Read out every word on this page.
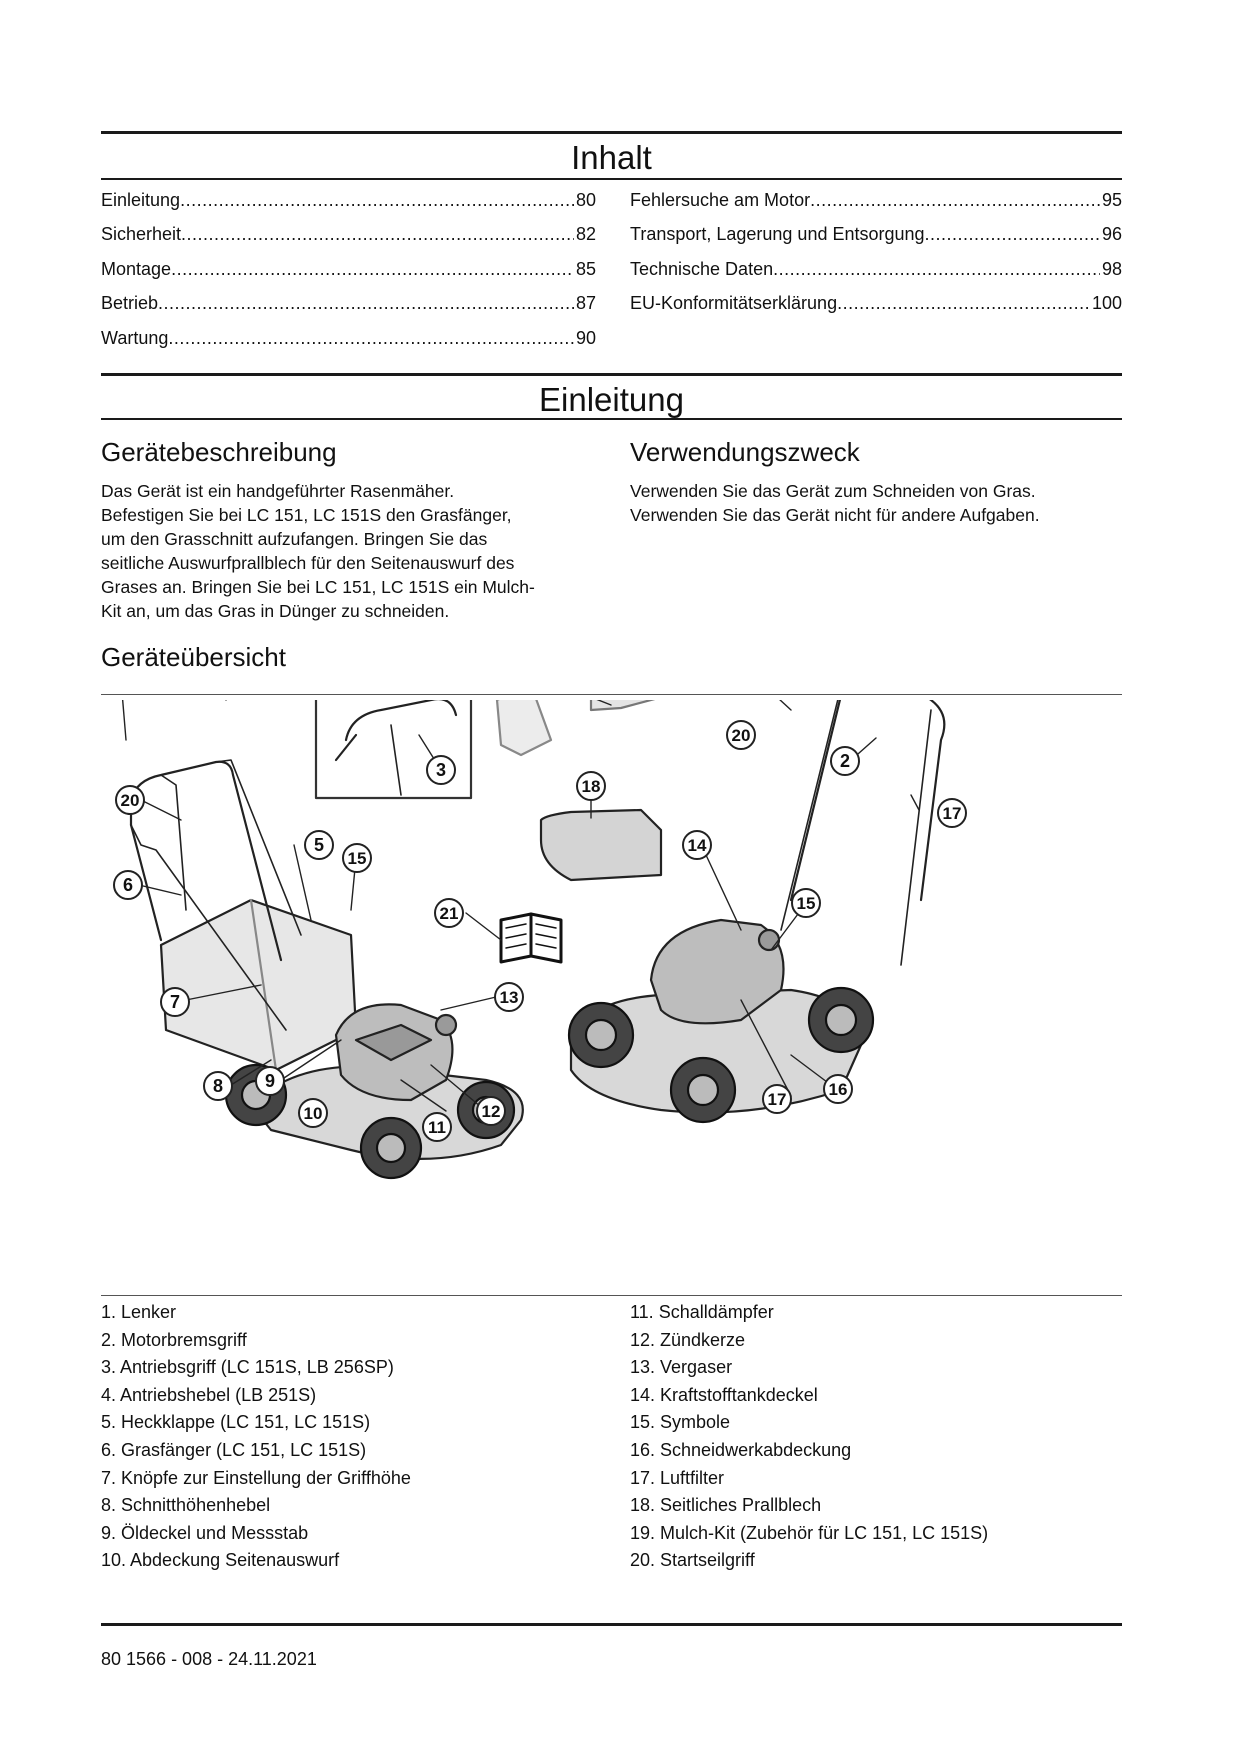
Inhalt
Einleitung .....	80
Sicherheit .....	82
Montage .....	85
Betrieb .....	87
Wartung .....	90
Fehlersuche am Motor .....	95
Transport, Lagerung und Entsorgung .....	96
Technische Daten .....	98
EU-Konformitätserklärung .....	100
Einleitung
Gerätebeschreibung
Das Gerät ist ein handgeführter Rasenmäher.
Befestigen Sie bei LC 151, LC 151S den Grasfänger,
um den Grasschnitt aufzufangen. Bringen Sie das
seitliche Auswurfprallblech für den Seitenauswurf des
Grases an. Bringen Sie bei LC 151, LC 151S ein Mulch-
Kit an, um das Gras in Dünger zu schneiden.
Verwendungszweck
Verwenden Sie das Gerät zum Schneiden von Gras.
Verwenden Sie das Gerät nicht für andere Aufgaben.
Geräteübersicht
3
5
6
7
8 9
10
11
12
13
14
15
15
16
17
17
18
20
20
2
21
1. Lenker
2. Motorbremsgriff
3. Antriebsgriff (LC 151S, LB 256SP)
4. Antriebshebel (LB 251S)
5. Heckklappe (LC 151, LC 151S)
6. Grasfänger (LC 151, LC 151S)
7. Knöpfe zur Einstellung der Griffhöhe
8. Schnitthöhenhebel
9. Öldeckel und Messstab
10. Abdeckung Seitenauswurf
11. Schalldämpfer
12. Zündkerze
13. Vergaser
14. Kraftstofftankdeckel
15. Symbole
16. Schneidwerkabdeckung
17. Luftfilter
18. Seitliches Prallblech
19. Mulch-Kit (Zubehör für LC 151, LC 151S)
20. Startseilgriff
80 1566 - 008 - 24.11.2021
